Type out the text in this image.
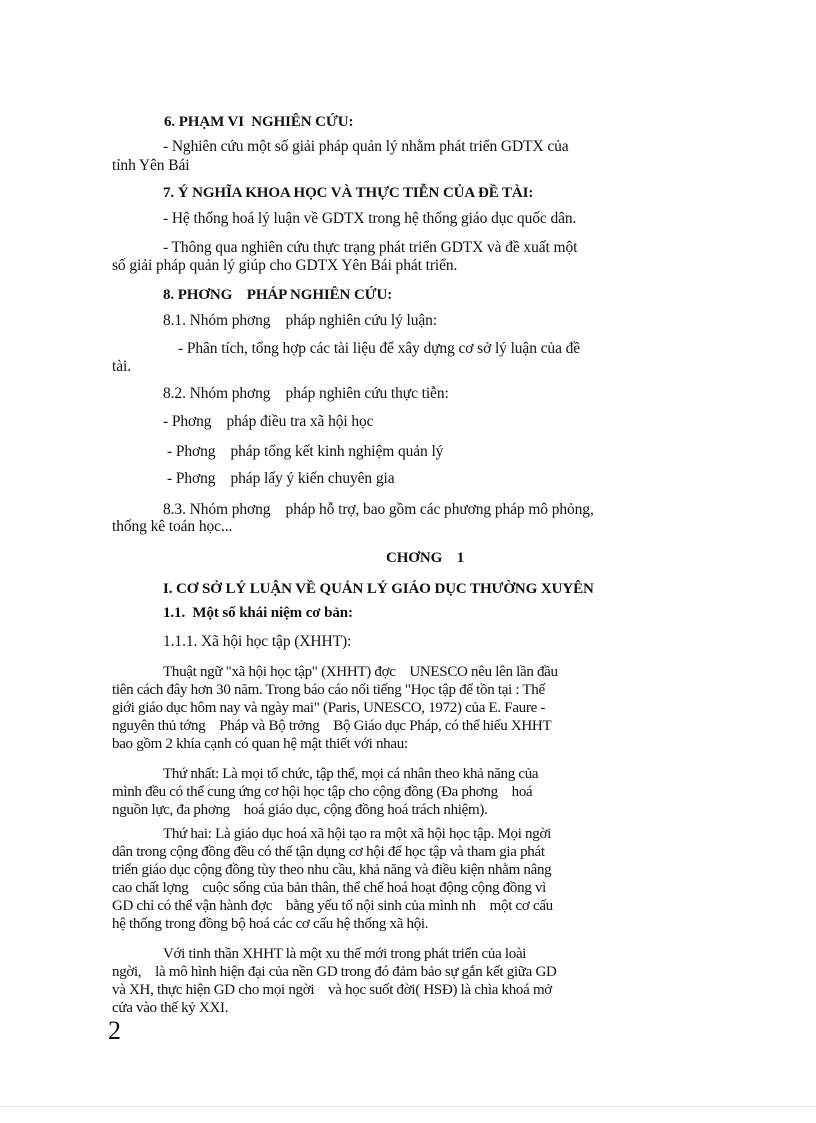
6. PHẠM VI  NGHIÊN CỨU:
- Nghiên cứu một số giải pháp quản lý nhằm phát triển GDTX của
tỉnh Yên Bái
7. Ý NGHĨA KHOA HỌC VÀ THỰC TIỄN CỦA ĐỀ TÀI:
- Hệ thống hoá lý luận về GDTX trong hệ thống giáo dục quốc dân.
- Thông qua nghiên cứu thực trạng phát triển GDTX và đề xuất một
số giải pháp quản lý giúp cho GDTX Yên Bái phát triển.
8. PHƠNG    PHÁP NGHIÊN CỨU:
8.1. Nhóm phơng    pháp nghiên cứu lý luận:
- Phân tích, tổng hợp các tài liệu để xây dựng cơ sở lý luận của đề
tài.
8.2. Nhóm phơng    pháp nghiên cứu thực tiễn:
- Phơng    pháp điều tra xã hội học
- Phơng    pháp tổng kết kinh nghiệm quản lý
- Phơng    pháp lấy ý kiến chuyên gia
8.3. Nhóm phơng    pháp hỗ trợ, bao gồm các phương pháp mô phỏng,
thống kê toán học...
CHƠNG    1
I. CƠ SỞ LÝ LUẬN VỀ QUẢN LÝ GIÁO DỤC THƯỜNG XUYÊN
1.1.  Một số khái niệm cơ bản:
1.1.1. Xã hội học tập (XHHT):
Thuật ngữ "xã hội học tập" (XHHT) đợc    UNESCO nêu lên lần đầu
tiên cách đây hơn 30 năm. Trong báo cáo nổi tiếng "Học tập để tồn tại : Thế
giới giáo dục hôm nay và ngày mai" (Paris, UNESCO, 1972) của E. Faure -
nguyên thủ tớng    Pháp và Bộ trởng    Bộ Giáo dục Pháp, có thể hiểu XHHT
bao gồm 2 khía cạnh có quan hệ mật thiết với nhau:
Thứ nhất: Là mọi tổ chức, tập thể, mọi cá nhân theo khả năng của
mình đều có thể cung ứng cơ hội học tập cho cộng đồng (Đa phơng    hoá
nguồn lực, đa phơng    hoá giáo dục, cộng đồng hoá trách nhiệm).
Thứ hai: Là giáo dục hoá xã hội tạo ra một xã hội học tập. Mọi ngời
dân trong cộng đồng đều có thể tận dụng cơ hội để học tập và tham gia phát
triển giáo dục cộng đồng tùy theo nhu cầu, khả năng và điều kiện nhằm nâng
cao chất lợng    cuộc sống của bản thân, thể chế hoá hoạt động cộng đồng vì
GD chỉ có thể vận hành đợc    bằng yếu tố nội sinh của mình nh    một cơ cấu
hệ thống trong đồng bộ hoá các cơ cấu hệ thống xã hội.
Với tinh thần XHHT là một xu thế mới trong phát triển của loài
ngời,    là mô hình hiện đại của nền GD trong đó đảm bảo sự gắn kết giữa GD
và XH, thực hiện GD cho mọi ngời    và học suốt đời( HSĐ) là chìa khoá mở
cửa vào thế kỷ XXI.
2
